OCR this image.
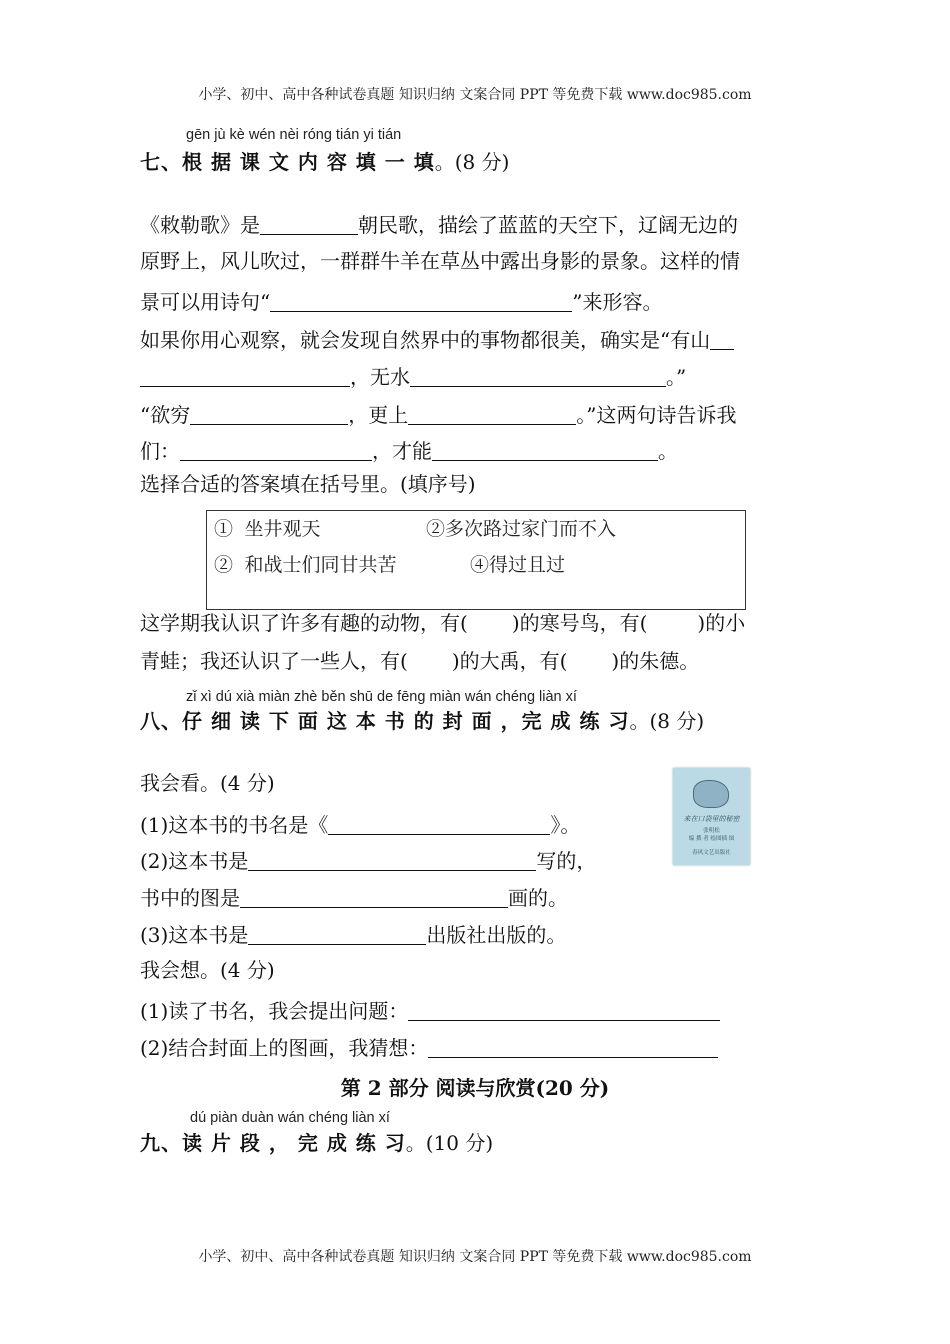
小学、初中、高中各种试卷真题 知识归纳 文案合同 PPT 等免费下载 www.doc985.com
gēn jù kè wén nèi róng tián yi tián
七、根 据 课 文 内 容 填 一 填。(8 分)
《敕勒歌》是	朝民歌，描绘了蓝蓝的天空下，辽阔无边的
原野上，风儿吹过，一群群牛羊在草丛中露出身影的景象。这样的情
景可以用诗句“	”来形容。
如果你用心观察，就会发现自然界中的事物都很美，确实是“有山
，无水	。”
“欲穷	，更上	。”这两句诗告诉我
们：	，才能	。
选择合适的答案填在括号里。(填序号)
① 坐井观天	②多次路过家门而不入
② 和战士们同甘共苦	④得过且过
这学期我认识了许多有趣的动物，有( )的寒号鸟，有(	)的小
青蛙；我还认识了一些人，有( )的大禹，有( )的朱德。
zǐ xì dú xià miàn zhè běn shū de fēng miàn wán chéng liàn xí
八、仔 细 读 下 面 这 本 书 的 封 面 ，完 成 练 习。(8 分)
我会看。(4 分)
(1)这本书的书名是《	》。
(2)这本书是	写的，
书中的图是	画的。
(3)这本书是	出版社出版的。
我会想。(4 分)
(1)读了书名，我会提出问题：
(2)结合封面上的图画，我猜想：
来在口袋里的秘密
张明松
编 撰 者 绘图插 图
春风文艺出版社
第 2 部分 阅读与欣赏(20 分)
dú piàn duàn wán chéng liàn xí
九、读 片 段 ， 完 成 练 习。(10 分)
小学、初中、高中各种试卷真题 知识归纳 文案合同 PPT 等免费下载 www.doc985.com
